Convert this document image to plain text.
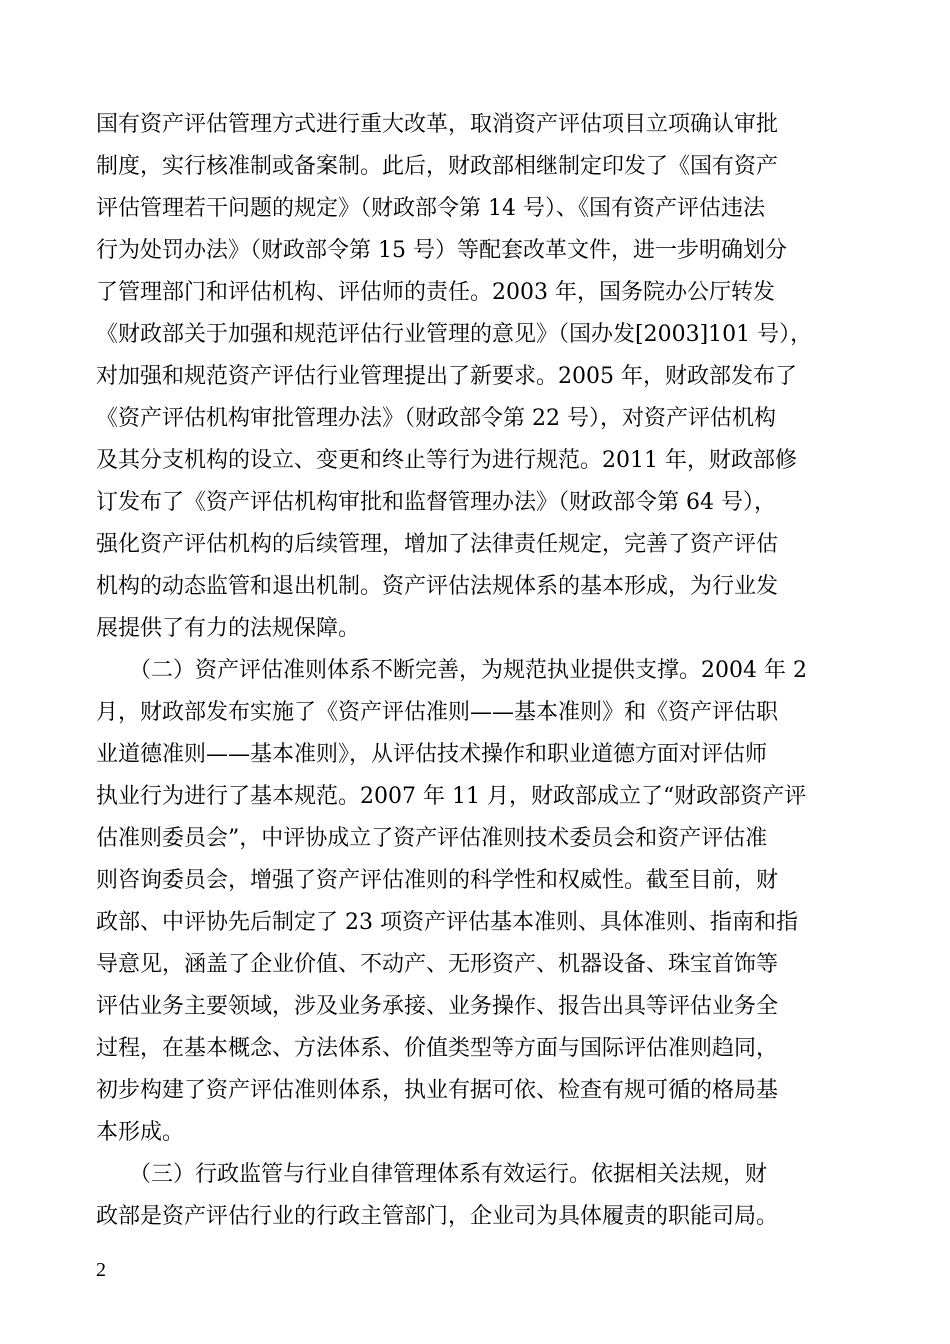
国有资产评估管理方式进行重大改革，取消资产评估项目立项确认审批
制度，实行核准制或备案制。此后，财政部相继制定印发了《国有资产
评估管理若干问题的规定》（财政部令第 14 号）、《国有资产评估违法
行为处罚办法》（财政部令第 15 号）等配套改革文件，进一步明确划分
了管理部门和评估机构、评估师的责任。2003 年，国务院办公厅转发
《财政部关于加强和规范评估行业管理的意见》（国办发[2003]101 号），
对加强和规范资产评估行业管理提出了新要求。2005 年，财政部发布了
《资产评估机构审批管理办法》（财政部令第 22 号），对资产评估机构
及其分支机构的设立、变更和终止等行为进行规范。2011 年，财政部修
订发布了《资产评估机构审批和监督管理办法》（财政部令第 64 号），
强化资产评估机构的后续管理，增加了法律责任规定，完善了资产评估
机构的动态监管和退出机制。资产评估法规体系的基本形成，为行业发
展提供了有力的法规保障。
　　（二）资产评估准则体系不断完善，为规范执业提供支撑。2004 年 2
月，财政部发布实施了《资产评估准则——基本准则》和《资产评估职
业道德准则——基本准则》，从评估技术操作和职业道德方面对评估师
执业行为进行了基本规范。2007 年 11 月，财政部成立了“财政部资产评
估准则委员会”，中评协成立了资产评估准则技术委员会和资产评估准
则咨询委员会，增强了资产评估准则的科学性和权威性。截至目前，财
政部、中评协先后制定了 23 项资产评估基本准则、具体准则、指南和指
导意见，涵盖了企业价值、不动产、无形资产、机器设备、珠宝首饰等
评估业务主要领域，涉及业务承接、业务操作、报告出具等评估业务全
过程，在基本概念、方法体系、价值类型等方面与国际评估准则趋同，
初步构建了资产评估准则体系，执业有据可依、检查有规可循的格局基
本形成。
　　（三）行政监管与行业自律管理体系有效运行。依据相关法规，财
政部是资产评估行业的行政主管部门，企业司为具体履责的职能司局。
2
